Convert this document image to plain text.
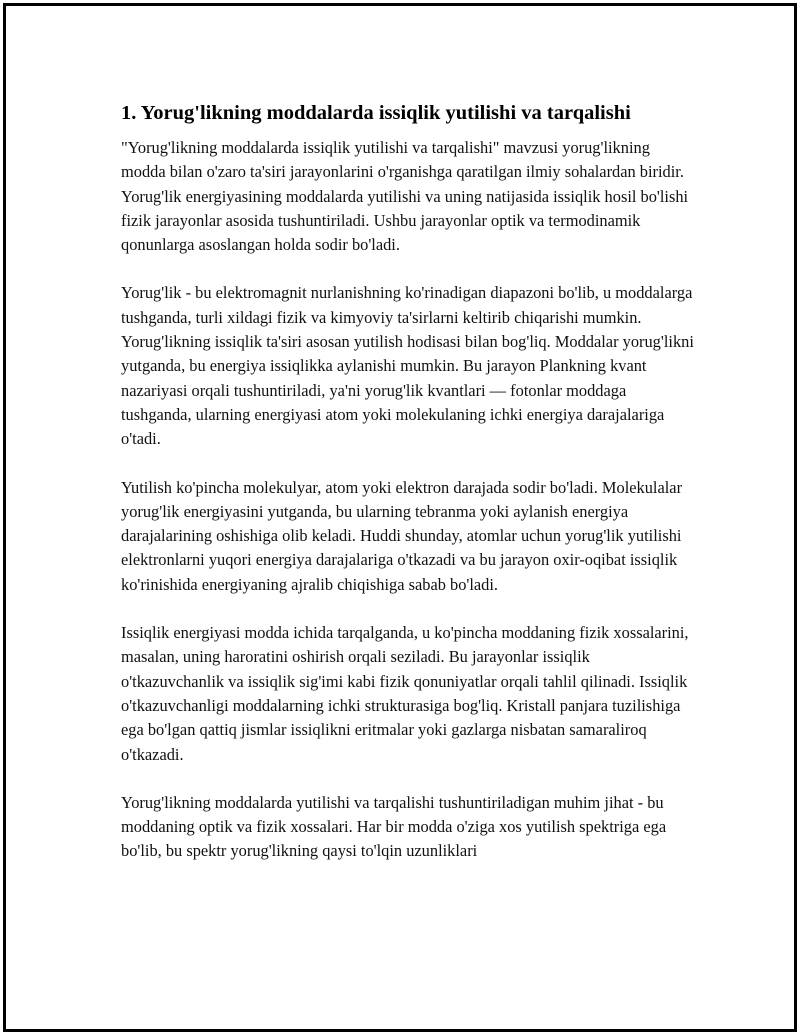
1. Yorug'likning moddalarda issiqlik yutilishi va tarqalishi

"Yorug'likning moddalarda issiqlik yutilishi va tarqalishi" mavzusi yorug'likning modda bilan o'zaro ta'siri jarayonlarini o'rganishga qaratilgan ilmiy sohalardan biridir. Yorug'lik energiyasining moddalarda yutilishi va uning natijasida issiqlik hosil bo'lishi fizik jarayonlar asosida tushuntiriladi. Ushbu jarayonlar optik va termodinamik qonunlarga asoslangan holda sodir bo'ladi.

Yorug'lik - bu elektromagnit nurlanishning ko'rinadigan diapazoni bo'lib, u moddalarga tushganda, turli xildagi fizik va kimyoviy ta'sirlarni keltirib chiqarishi mumkin. Yorug'likning issiqlik ta'siri asosan yutilish hodisasi bilan bog'liq. Moddalar yorug'likni yutganda, bu energiya issiqlikka aylanishi mumkin. Bu jarayon Plankning kvant nazariyasi orqali tushuntiriladi, ya'ni yorug'lik kvantlari — fotonlar moddaga tushganda, ularning energiyasi atom yoki molekulaning ichki energiya darajalariga o'tadi.

Yutilish ko'pincha molekulyar, atom yoki elektron darajada sodir bo'ladi. Molekulalar yorug'lik energiyasini yutganda, bu ularning tebranma yoki aylanish energiya darajalarining oshishiga olib keladi. Huddi shunday, atomlar uchun yorug'lik yutilishi elektronlarni yuqori energiya darajalariga o'tkazadi va bu jarayon oxir-oqibat issiqlik ko'rinishida energiyaning ajralib chiqishiga sabab bo'ladi.

Issiqlik energiyasi modda ichida tarqalganda, u ko'pincha moddaning fizik xossalarini, masalan, uning haroratini oshirish orqali seziladi. Bu jarayonlar issiqlik o'tkazuvchanlik va issiqlik sig'imi kabi fizik qonuniyatlar orqali tahlil qilinadi. Issiqlik o'tkazuvchanligi moddalarning ichki strukturasiga bog'liq. Kristall panjara tuzilishiga ega bo'lgan qattiq jismlar issiqlikni eritmalar yoki gazlarga nisbatan samaraliroq o'tkazadi.

Yorug'likning moddalarda yutilishi va tarqalishi tushuntiriladigan muhim jihat - bu moddaning optik va fizik xossalari. Har bir modda o'ziga xos yutilish spektriga ega bo'lib, bu spektr yorug'likning qaysi to'lqin uzunliklari
